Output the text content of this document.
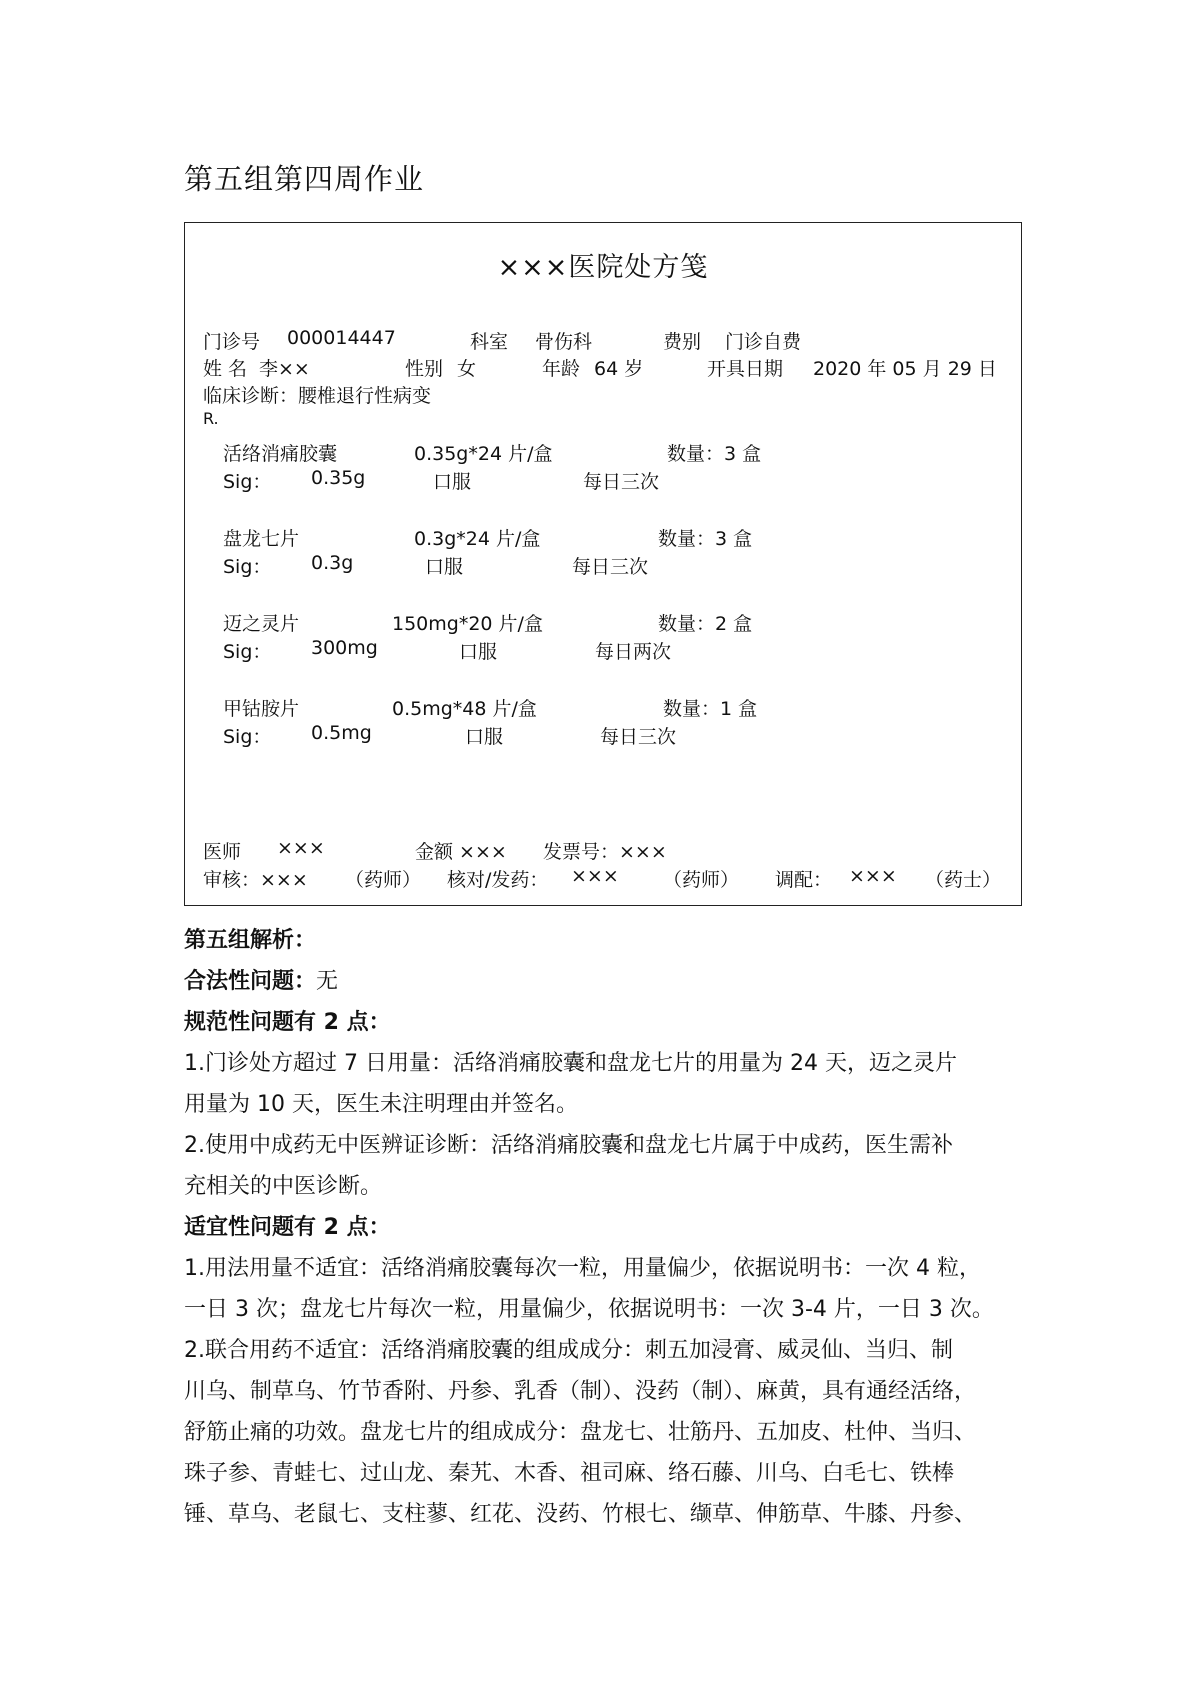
第五组第四周作业
×××医院处方笺
门诊号 000014447	科室 骨伤科	费别 门诊自费
姓 名 李××	性别 女	年龄 64 岁	开具日期 2020 年 05 月 29 日
临床诊断：腰椎退行性病变
R.
活络消痛胶囊	0.35g*24 片/盒	数量：3 盒
Sig： 0.35g	口服	每日三次
盘龙七片	0.3g*24 片/盒	数量：3 盒
Sig： 0.3g	口服	每日三次
迈之灵片	150mg*20 片/盒	数量：2 盒
Sig： 300mg	口服	每日两次
甲钴胺片	0.5mg*48 片/盒	数量：1 盒
Sig： 0.5mg	口服	每日三次
医师 ×××	金额 ××× 发票号：×××
审核：××× （药师） 核对/发药： ××× （药师） 调配： ××× （药士）
第五组解析：
合法性问题：无
规范性问题有 2 点：
1.门诊处方超过 7 日用量：活络消痛胶囊和盘龙七片的用量为 24 天，迈之灵片
用量为 10 天，医生未注明理由并签名。
2.使用中成药无中医辨证诊断：活络消痛胶囊和盘龙七片属于中成药，医生需补
充相关的中医诊断。
适宜性问题有 2 点：
1.用法用量不适宜：活络消痛胶囊每次一粒，用量偏少，依据说明书：一次 4 粒，
一日 3 次；盘龙七片每次一粒，用量偏少，依据说明书：一次 3-4 片，一日 3 次。
2.联合用药不适宜：活络消痛胶囊的组成成分：刺五加浸膏、威灵仙、当归、制
川乌、制草乌、竹节香附、丹参、乳香（制）、没药（制）、麻黄，具有通经活络，
舒筋止痛的功效。盘龙七片的组成成分：盘龙七、壮筋丹、五加皮、杜仲、当归、
珠子参、青蛙七、过山龙、秦艽、木香、祖司麻、络石藤、川乌、白毛七、铁棒
锤、草乌、老鼠七、支柱蓼、红花、没药、竹根七、缬草、伸筋草、牛膝、丹参、
